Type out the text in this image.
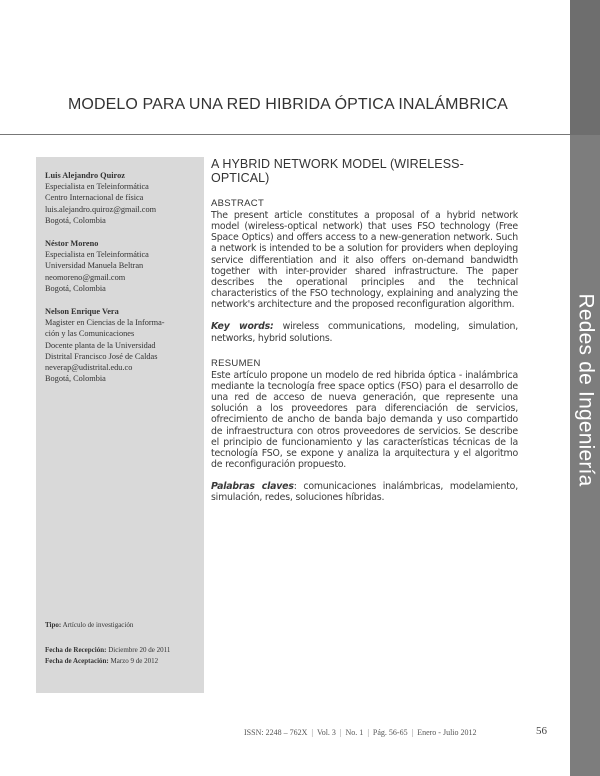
Redes de Ingeniería
MODELO PARA UNA RED HIBRIDA ÓPTICA INALÁMBRICA
Luis Alejandro Quiroz
Especialista en Teleinformática
Centro Internacional de física
luis.alejandro.quiroz@gmail.com
Bogotá, Colombia
Néstor Moreno
Especialista en Teleinformática
Universidad Manuela Beltran
neomoreno@gmail.com
Bogotá, Colombia
Nelson Enrique Vera
Magister en Ciencias de la Informa-
ción y las Comunicaciones
Docente planta de la Universidad
Distrital Francisco José de Caldas
neverap@udistrital.edu.co
Bogotá, Colombia
Tipo: Artículo de investigación
Fecha de Recepción: Diciembre 20 de 2011
Fecha de Aceptación: Marzo 9 de 2012
A HYBRID NETWORK MODEL (WIRELESS-OPTICAL)
ABSTRACT
The present article constitutes a proposal of a hybrid network model (wireless-optical network) that uses FSO technology (Free Space Optics) and offers access to a new-generation network. Such a network is intended to be a solution for providers when deploying service differentiation and it also offers on-demand bandwidth together with inter-provider shared infrastructure. The paper describes the operational principles and the technical characteristics of the FSO technology, explaining and analyzing the network's architecture and the proposed reconfiguration algorithm.
Key words: wireless communications, modeling, simulation, networks, hybrid solutions.
RESUMEN
Este artículo propone un modelo de red hibrida óptica - inalámbrica mediante la tecnología free space optics (FSO) para el desarrollo de una red de acceso de nueva generación, que represente una solución a los proveedores para diferenciación de servicios, ofrecimiento de ancho de banda bajo demanda y uso compartido de infraestructura con otros proveedores de servicios. Se describe el principio de funcionamiento y las características técnicas de la tecnología FSO, se expone y analiza la arquitectura y el algoritmo de reconfiguración propuesto.
Palabras claves: comunicaciones inalámbricas, modelamiento, simulación, redes, soluciones híbridas.
ISSN: 2248 – 762X | Vol. 3 | No. 1 | Pág. 56-65 | Enero - Julio 2012	56
